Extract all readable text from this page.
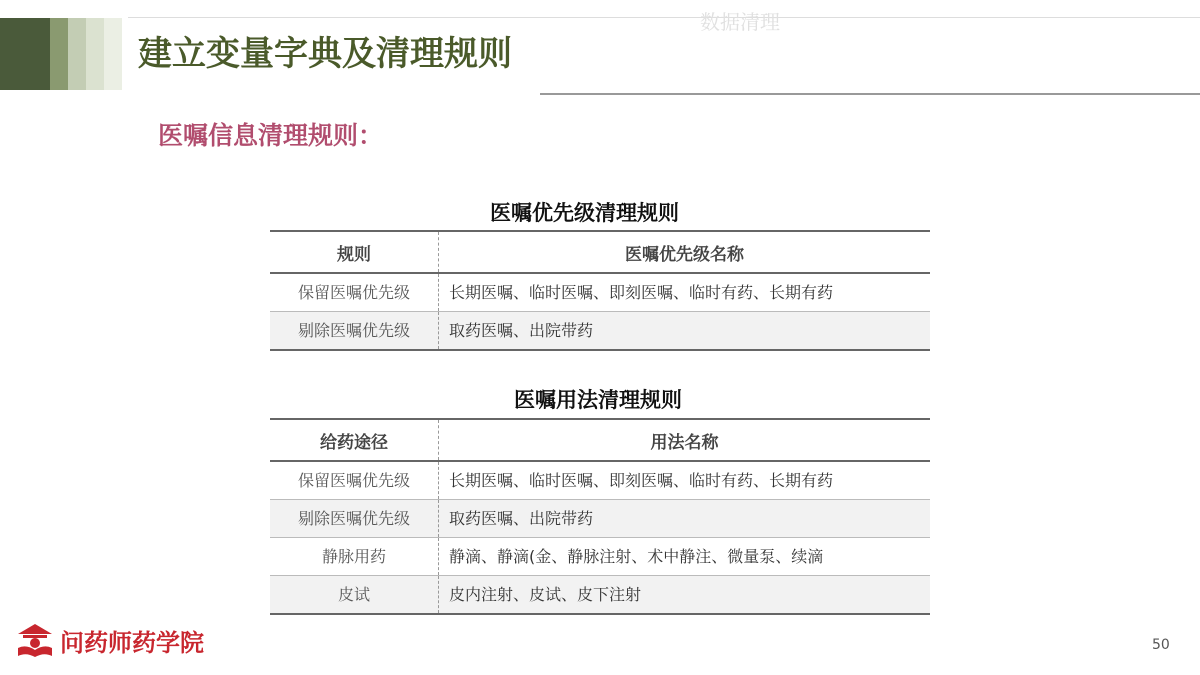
数据清理
建立变量字典及清理规则
医嘱信息清理规则：
医嘱优先级清理规则
规则	医嘱优先级名称
保留医嘱优先级	长期医嘱、临时医嘱、即刻医嘱、临时有药、长期有药
剔除医嘱优先级	取药医嘱、出院带药
医嘱用法清理规则
给药途径	用法名称
保留医嘱优先级	长期医嘱、临时医嘱、即刻医嘱、临时有药、长期有药
剔除医嘱优先级	取药医嘱、出院带药
静脉用药	静滴、静滴(金、静脉注射、术中静注、微量泵、续滴
皮试	皮内注射、皮试、皮下注射
问药师药学院	50
